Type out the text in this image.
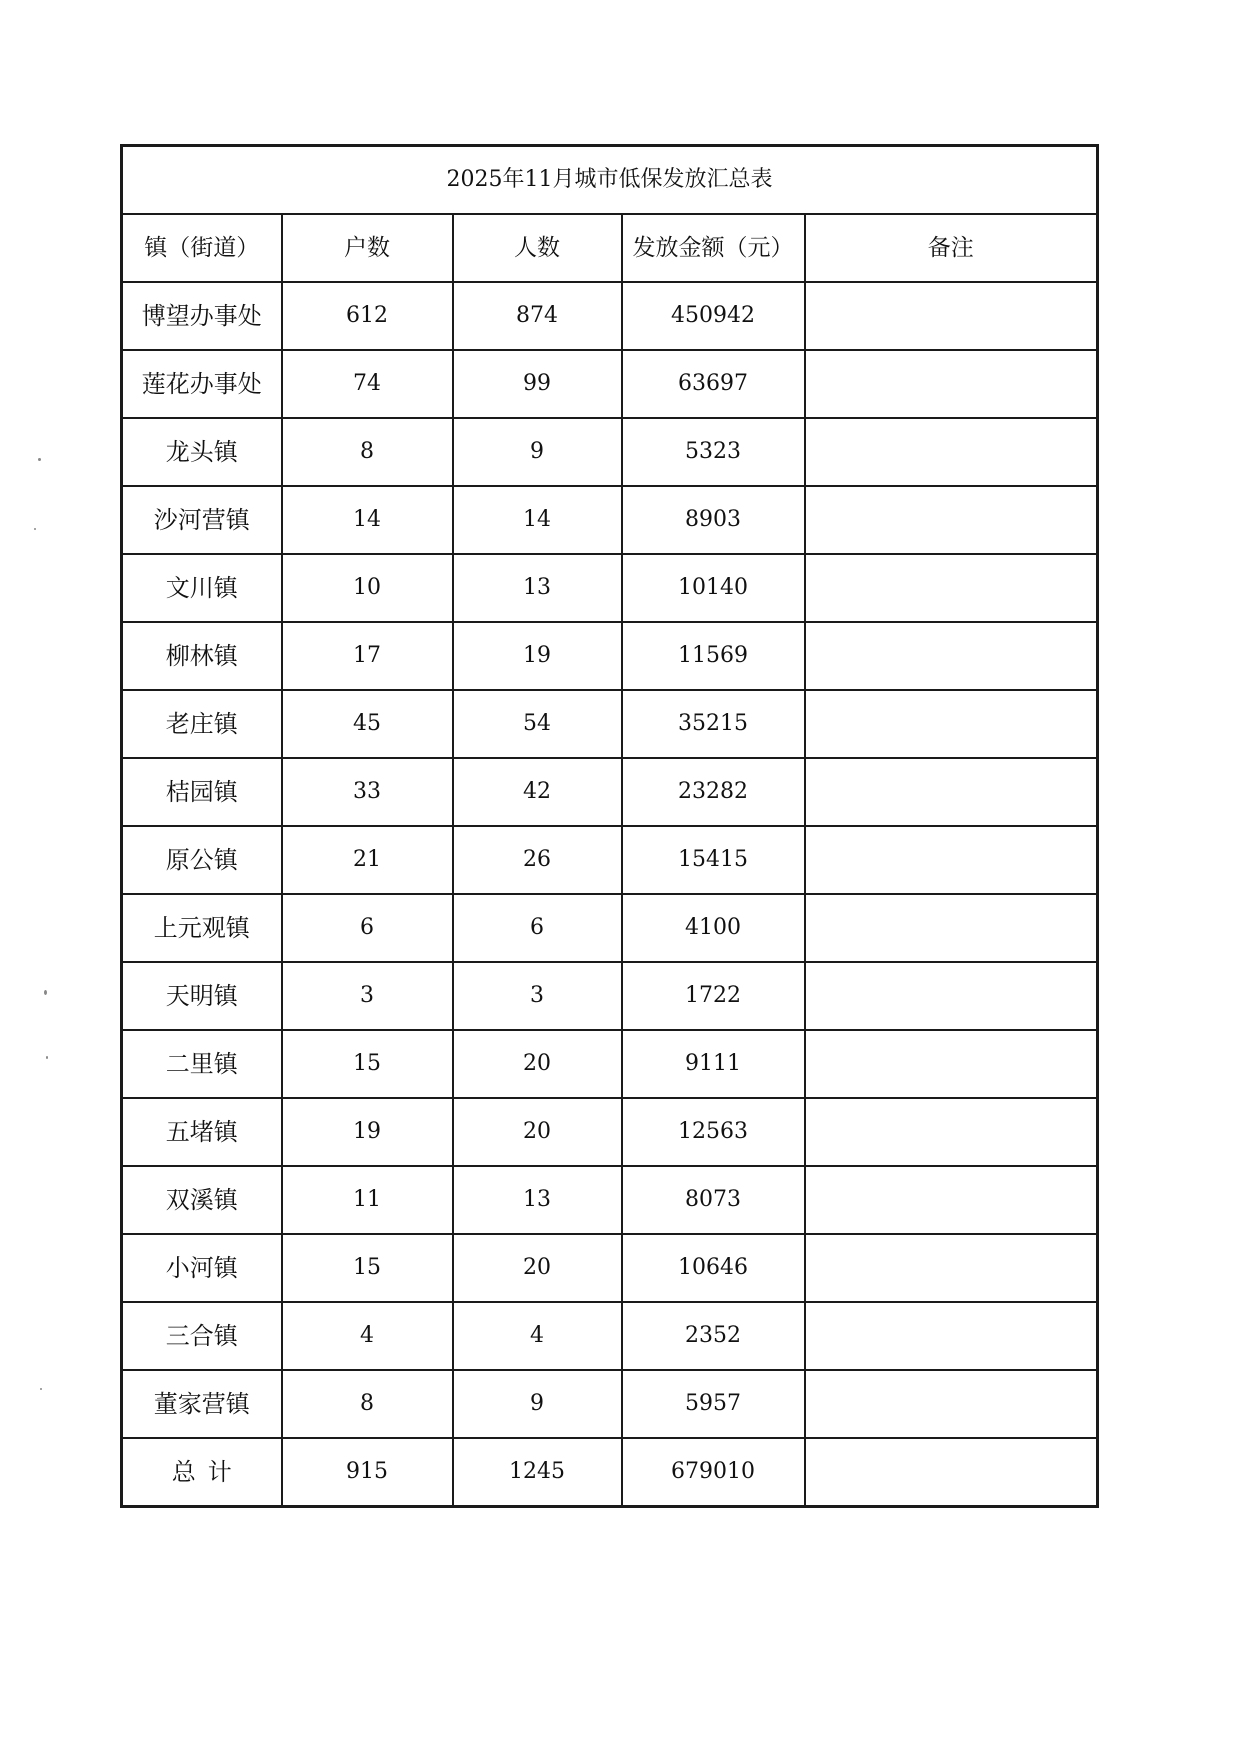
2025年11月城市低保发放汇总表				
镇（街道）	户数	人数	发放金额（元）	备注
博望办事处	612	874	450942	
莲花办事处	74	99	63697	
龙头镇	8	9	5323	
沙河营镇	14	14	8903	
文川镇	10	13	10140	
柳林镇	17	19	11569	
老庄镇	45	54	35215	
桔园镇	33	42	23282	
原公镇	21	26	15415	
上元观镇	6	6	4100	
天明镇	3	3	1722	
二里镇	15	20	9111	
五堵镇	19	20	12563	
双溪镇	11	13	8073	
小河镇	15	20	10646	
三合镇	4	4	2352	
董家营镇	8	9	5957	
总计	915	1245	679010	
